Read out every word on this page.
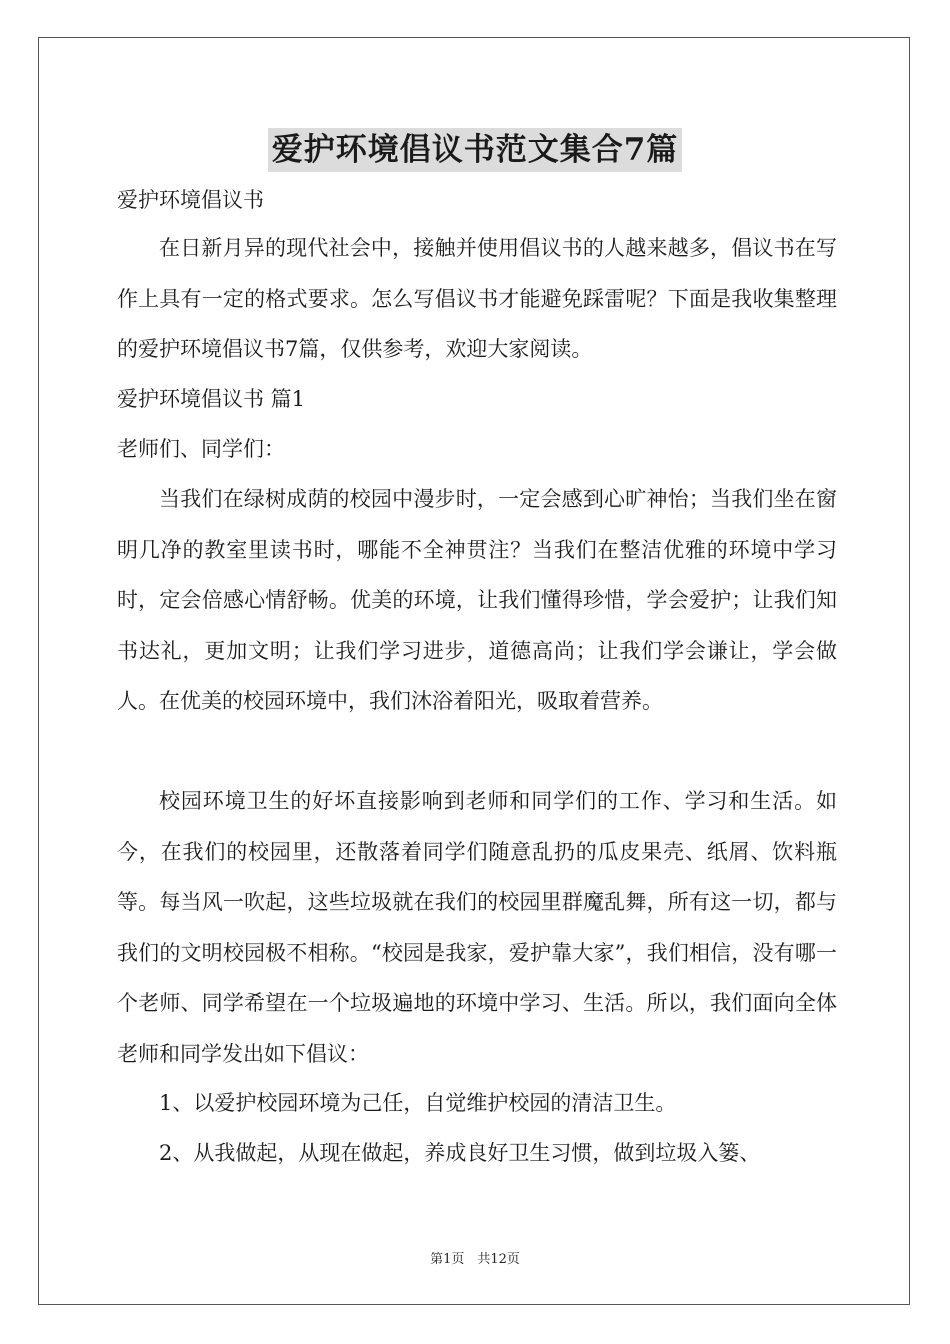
爱护环境倡议书范文集合7篇
爱护环境倡议书

在日新月异的现代社会中，接触并使用倡议书的人越来越多，倡议书在写作上具有一定的格式要求。怎么写倡议书才能避免踩雷呢？下面是我收集整理的爱护环境倡议书7篇，仅供参考，欢迎大家阅读。

爱护环境倡议书 篇1
老师们、同学们：

当我们在绿树成荫的校园中漫步时，一定会感到心旷神怡；当我们坐在窗明几净的教室里读书时，哪能不全神贯注？当我们在整洁优雅的环境中学习时，定会倍感心情舒畅。优美的环境，让我们懂得珍惜，学会爱护；让我们知书达礼，更加文明；让我们学习进步，道德高尚；让我们学会谦让，学会做人。在优美的校园环境中，我们沐浴着阳光，吸取着营养。

校园环境卫生的好坏直接影响到老师和同学们的工作、学习和生活。如今，在我们的校园里，还散落着同学们随意乱扔的瓜皮果壳、纸屑、饮料瓶等。每当风一吹起，这些垃圾就在我们的校园里群魔乱舞，所有这一切，都与我们的文明校园极不相称。“校园是我家，爱护靠大家”，我们相信，没有哪一个老师、同学希望在一个垃圾遍地的环境中学习、生活。所以，我们面向全体老师和同学发出如下倡议：

1、以爱护校园环境为己任，自觉维护校园的清洁卫生。

2、从我做起，从现在做起，养成良好卫生习惯，做到垃圾入篓、

第1页　共12页
